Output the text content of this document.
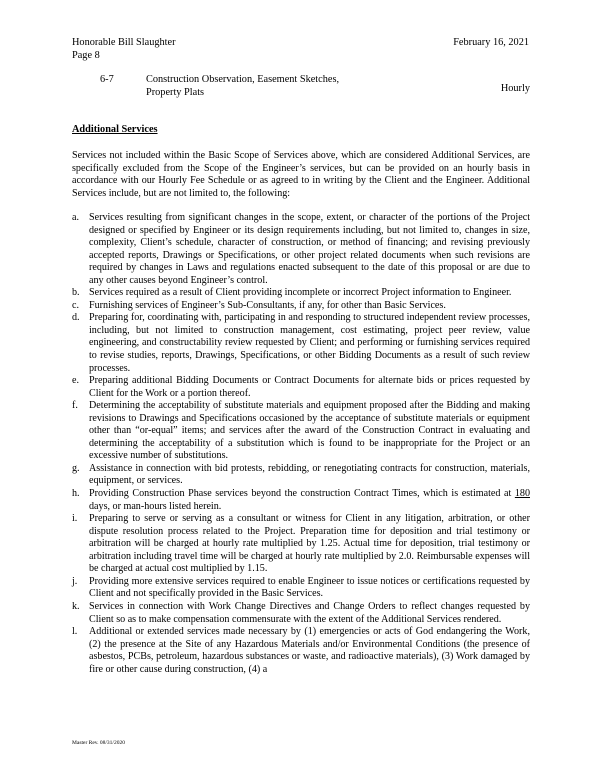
Honorable Bill Slaughter
Page 8
February 16, 2021
6-7	Construction Observation, Easement Sketches, Property Plats	Hourly
Additional Services
Services not included within the Basic Scope of Services above, which are considered Additional Services, are specifically excluded from the Scope of the Engineer’s services, but can be provided on an hourly basis in accordance with our Hourly Fee Schedule or as agreed to in writing by the Client and the Engineer. Additional Services include, but are not limited to, the following:
a. Services resulting from significant changes in the scope, extent, or character of the portions of the Project designed or specified by Engineer or its design requirements including, but not limited to, changes in size, complexity, Client’s schedule, character of construction, or method of financing; and revising previously accepted reports, Drawings or Specifications, or other project related documents when such revisions are required by changes in Laws and regulations enacted subsequent to the date of this proposal or are due to any other causes beyond Engineer’s control.
b. Services required as a result of Client providing incomplete or incorrect Project information to Engineer.
c. Furnishing services of Engineer’s Sub-Consultants, if any, for other than Basic Services.
d. Preparing for, coordinating with, participating in and responding to structured independent review processes, including, but not limited to construction management, cost estimating, project peer review, value engineering, and constructability review requested by Client; and performing or furnishing services required to revise studies, reports, Drawings, Specifications, or other Bidding Documents as a result of such review processes.
e. Preparing additional Bidding Documents or Contract Documents for alternate bids or prices requested by Client for the Work or a portion thereof.
f. Determining the acceptability of substitute materials and equipment proposed after the Bidding and making revisions to Drawings and Specifications occasioned by the acceptance of substitute materials or equipment other than “or-equal” items; and services after the award of the Construction Contract in evaluating and determining the acceptability of a substitution which is found to be inappropriate for the Project or an excessive number of substitutions.
g. Assistance in connection with bid protests, rebidding, or renegotiating contracts for construction, materials, equipment, or services.
h. Providing Construction Phase services beyond the construction Contract Times, which is estimated at 180 days, or man-hours listed herein.
i. Preparing to serve or serving as a consultant or witness for Client in any litigation, arbitration, or other dispute resolution process related to the Project. Preparation time for deposition and trial testimony or arbitration will be charged at hourly rate multiplied by 1.25. Actual time for deposition, trial testimony or arbitration including travel time will be charged at hourly rate multiplied by 2.0. Reimbursable expenses will be charged at actual cost multiplied by 1.15.
j. Providing more extensive services required to enable Engineer to issue notices or certifications requested by Client and not specifically provided in the Basic Services.
k. Services in connection with Work Change Directives and Change Orders to reflect changes requested by Client so as to make compensation commensurate with the extent of the Additional Services rendered.
l. Additional or extended services made necessary by (1) emergencies or acts of God endangering the Work, (2) the presence at the Site of any Hazardous Materials and/or Environmental Conditions (the presence of asbestos, PCBs, petroleum, hazardous substances or waste, and radioactive materials), (3) Work damaged by fire or other cause during construction, (4) a
Master Rev. 08/31/2020
